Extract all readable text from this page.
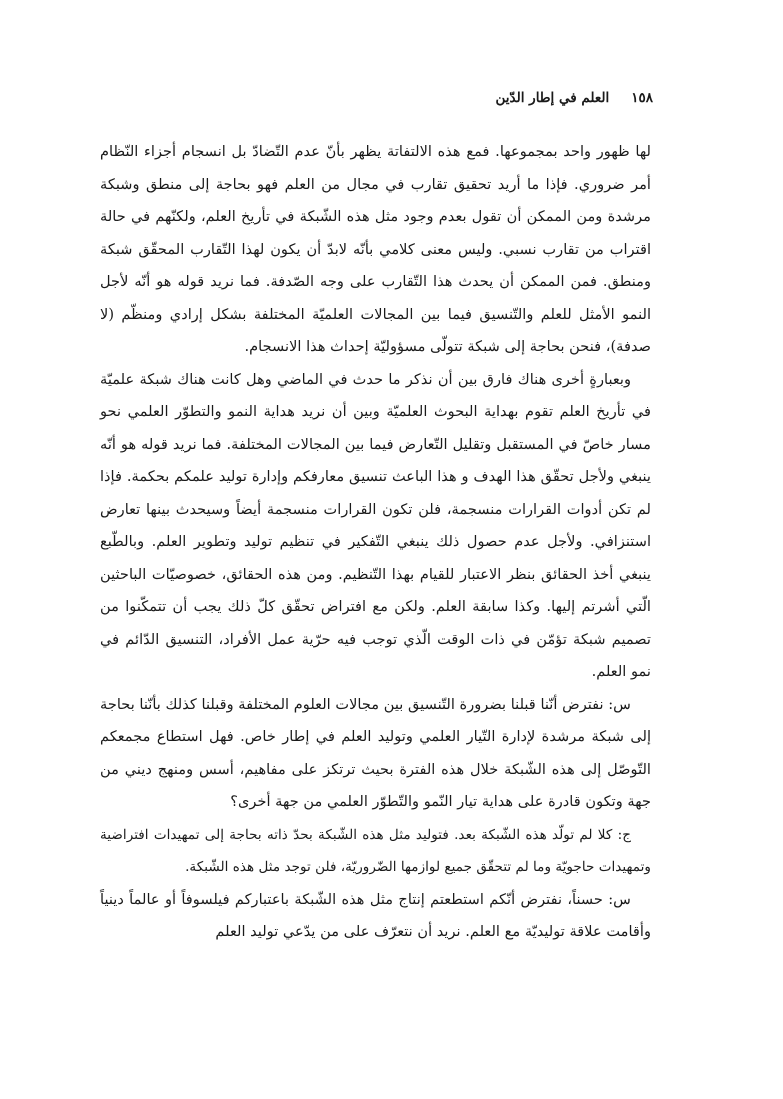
١٥٨
العلم في إطار الدّين

لها ظهور واحد بمجموعها. فمع هذه الالتفاتة يظهر بأنّ عدم التّضادّ بل انسجام أجزاء النّظام أمر ضروري. فإذا ما أريد تحقيق تقارب في مجال من العلم فهو بحاجة إلى منطق وشبكة مرشدة ومن الممكن أن تقول بعدم وجود مثل هذه الشّبكة في تأريخ العلم، ولكنّهم في حالة اقتراب من تقارب نسبي. وليس معنى كلامي بأنّه لابدّ أن يكون لهذا التّقارب المحقّق شبكة ومنطق. فمن الممكن أن يحدث هذا التّقارب على وجه الصّدفة. فما نريد قوله هو أنّه لأجل النمو الأمثل للعلم والتّنسيق فيما بين المجالات العلميّة المختلفة بشكل إرادي ومنظّم (لا صدفة)، فنحن بحاجة إلى شبكة تتولّى مسؤوليّة إحداث هذا الانسجام.

وبعبارةٍ أخرى هناك فارق بين أن نذكر ما حدث في الماضي وهل كانت هناك شبكة علميّة في تأريخ العلم تقوم بهداية البحوث العلميّة وبين أن نريد هداية النمو والتطوّر العلمي نحو مسار خاصّ في المستقبل وتقليل التّعارض فيما بين المجالات المختلفة. فما نريد قوله هو أنّه ينبغي ولأجل تحقّق هذا الهدف و هذا الباعث تنسيق معارفكم وإدارة توليد علمكم بحكمة. فإذا لم تكن أدوات القرارات منسجمة، فلن تكون القرارات منسجمة أيضاً وسيحدث بينها تعارض استنزافي. ولأجل عدم حصول ذلك ينبغي التّفكير في تنظيم توليد وتطوير العلم. وبالطّبع ينبغي أخذ الحقائق بنظر الاعتبار للقيام بهذا التّنظيم. ومن هذه الحقائق، خصوصيّات الباحثين الّتي أشرتم إليها. وكذا سابقة العلم. ولكن مع افتراض تحقّق كلّ ذلك يجب أن تتمكّنوا من تصميم شبكة تؤمّن في ذات الوقت الّذي توجب فيه حرّية عمل الأفراد، التنسيق الدّائم في نمو العلم.

س: نفترض أنّنا قبلنا بضرورة التّنسيق بين مجالات العلوم المختلفة وقبلنا كذلك بأنّنا بحاجة إلى شبكة مرشدة لإدارة التّيار العلمي وتوليد العلم في إطار خاص. فهل استطاع مجمعكم التّوصّل إلى هذه الشّبكة خلال هذه الفترة بحيث ترتكز على مفاهيم، أسس ومنهج ديني من جهة وتكون قادرة على هداية تيار النّمو والتّطوّر العلمي من جهة أخرى؟

ج: كلا لم تولّد هذه الشّبكة بعد. فتوليد مثل هذه الشّبكة بحدّ ذاته بحاجة إلى تمهيدات افتراضية وتمهيدات حاجويّة وما لم تتحقّق جميع لوازمها الضّروريّة، فلن توجد مثل هذه الشّبكة.

س: حسناً، نفترض أنّكم استطعتم إنتاج مثل هذه الشّبكة باعتباركم فيلسوفاً أو عالماً دينياً وأقامت علاقة توليديّة مع العلم. نريد أن نتعرّف على من يدّعي توليد العلم
